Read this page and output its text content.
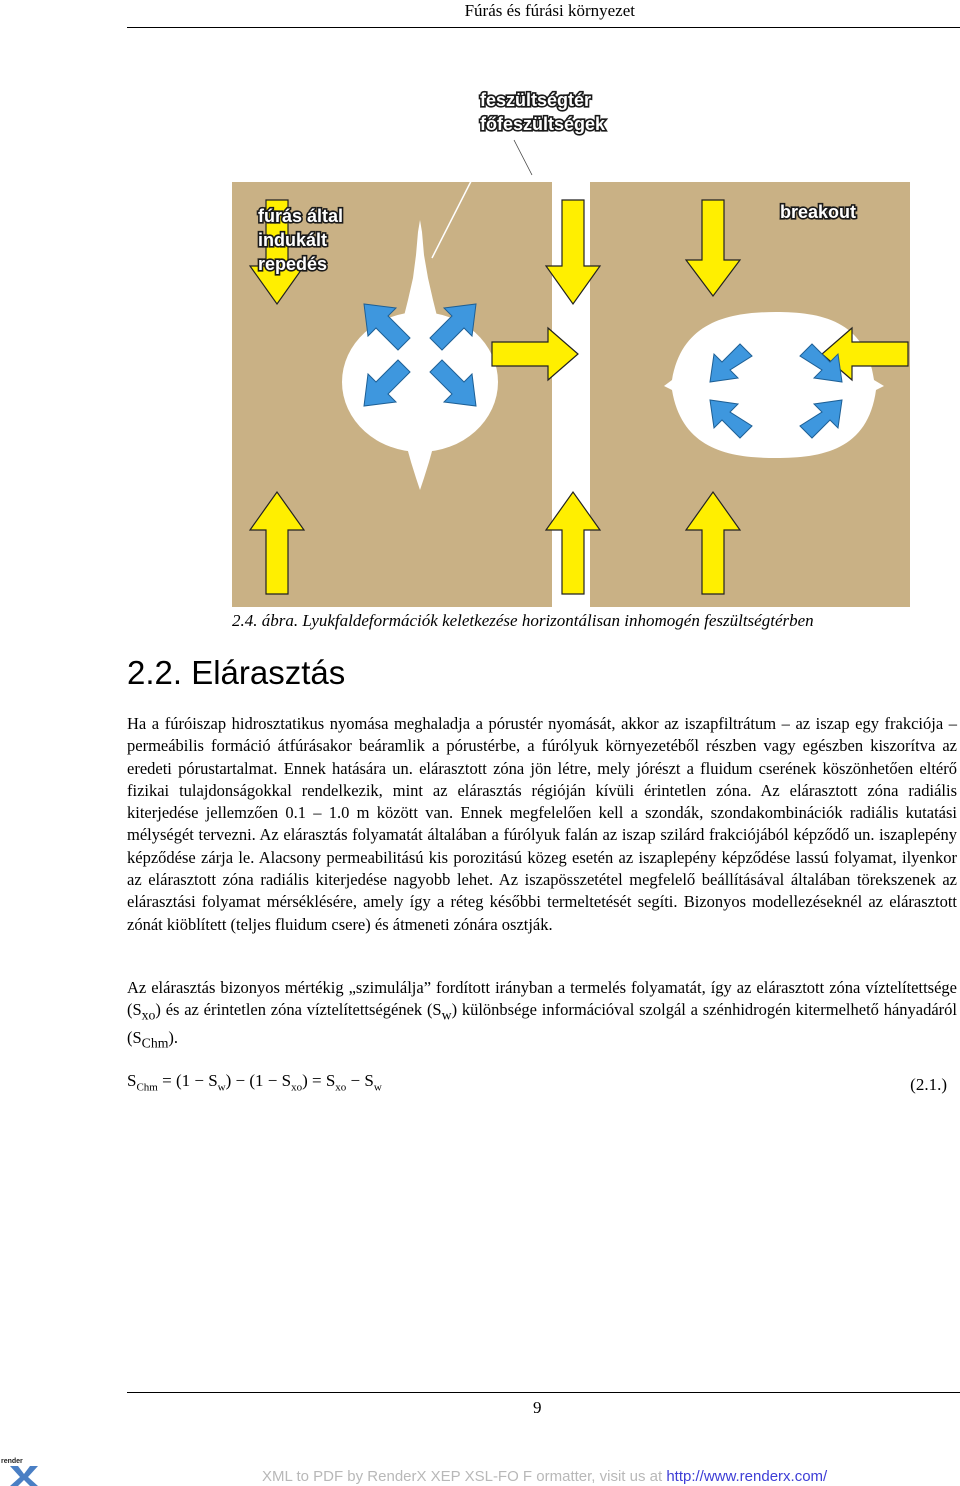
Fúrás és fúrási környezet
feszültségtér
főfeszültségek
fúrás által
indukált
repedés
breakout
2.4. ábra. Lyukfaldeformációk keletkezése horizontálisan inhomogén feszültségtérben
2.2. Elárasztás

Ha a fúróiszap hidrosztatikus nyomása meghaladja a pórustér nyomását, akkor az iszapfiltrátum – az iszap egy frakciója – permeábilis formáció átfúrásakor beáramlik a pórustérbe, a fúrólyuk környezetéből részben vagy egészben kiszorítva az eredeti pórustartalmat. Ennek hatására un. elárasztott zóna jön létre, mely jórészt a fluidum cserének köszönhetően eltérő fizikai tulajdonságokkal rendelkezik, mint az elárasztás régióján kívüli érintetlen zóna. Az elárasztott zóna radiális kiterjedése jellemzően 0.1 – 1.0 m között van. Ennek megfelelően kell a szondák, szondakombinációk radiális kutatási mélységét tervezni. Az elárasztás folyamatát általában a fúrólyuk falán az iszap szilárd frakciójából képződő un. iszaplepény képződése zárja le. Alacsony permeabilitású kis porozitású közeg esetén az iszaplepény képződése lassú folyamat, ilyenkor az elárasztott zóna radiális kiterjedése nagyobb lehet. Az iszapösszetétel megfelelő beállításával általában törekszenek az elárasztási folyamat mérséklésére, amely így a réteg későbbi termeltetését segíti. Bizonyos modellezéseknél az elárasztott zónát kiöblített (teljes fluidum csere) és átmeneti zónára osztják.

Az elárasztás bizonyos mértékig „szimulálja” fordított irányban a termelés folyamatát, így az elárasztott zóna víztelítettsége $(S_{xo})$ és az érintetlen zóna víztelítettségének $(S_w)$ különbsége információval szolgál a szénhidrogén kitermelhető hányadáról $(S_{Chm})$.

$S_{Chm} = (1 - S_w) - (1 - S_{xo}) = S_{xo} - S_w$	(2.1.)
9
render
XML to PDF by RenderX XEP XSL-FO F ormatter, visit us at http://www.renderx.com/
